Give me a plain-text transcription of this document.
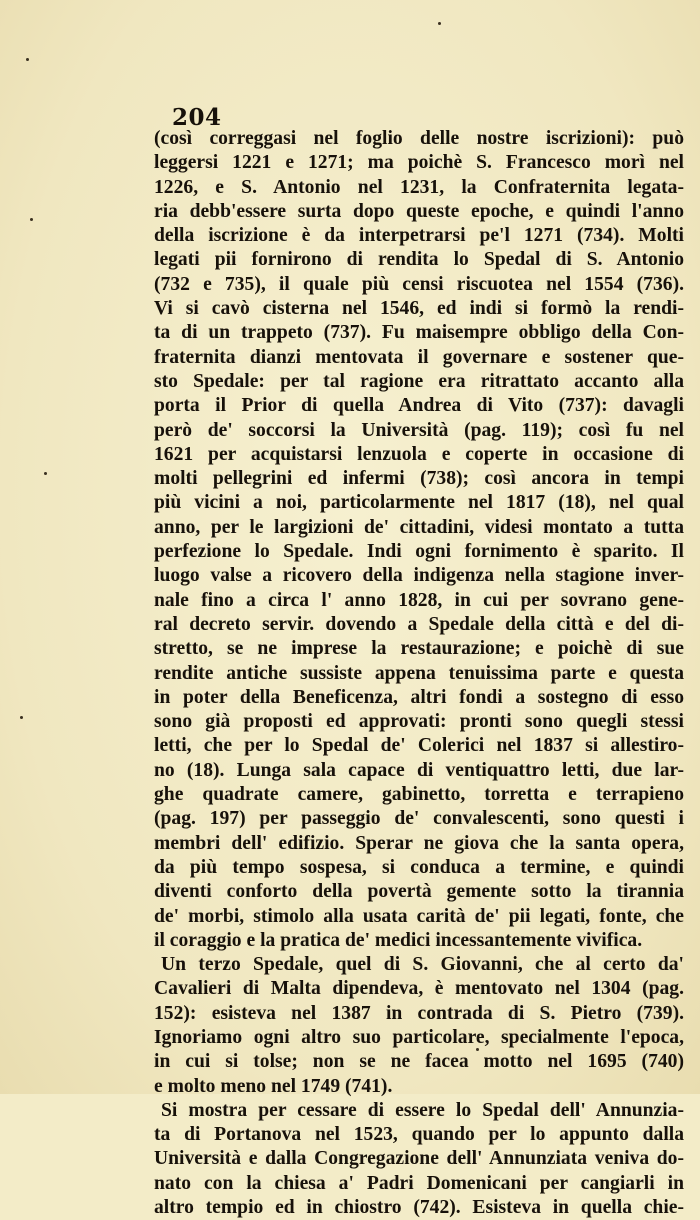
204
(così correggasi nel foglio delle nostre iscrizioni): può
leggersi 1221 e 1271; ma poichè S. Francesco morì nel
1226, e S. Antonio nel 1231, la Confraternita legata-
ria debb'essere surta dopo queste epoche, e quindi l'anno
della iscrizione è da interpetrarsi pe'l 1271 (734). Molti
legati pii fornirono di rendita lo Spedal di S. Antonio
(732 e 735), il quale più censi riscuotea nel 1554 (736).
Vi si cavò cisterna nel 1546, ed indi si formò la rendi-
ta di un trappeto (737). Fu maisempre obbligo della Con-
fraternita dianzi mentovata il governare e sostener que-
sto Spedale: per tal ragione era ritrattato accanto alla
porta il Prior di quella Andrea di Vito (737): davagli
però de' soccorsi la Università (pag. 119); così fu nel
1621 per acquistarsi lenzuola e coperte in occasione di
molti pellegrini ed infermi (738); così ancora in tempi
più vicini a noi, particolarmente nel 1817 (18), nel qual
anno, per le largizioni de' cittadini, videsi montato a tutta
perfezione lo Spedale. Indi ogni fornimento è sparito. Il
luogo valse a ricovero della indigenza nella stagione inver-
nale fino a circa l' anno 1828, in cui per sovrano gene-
ral decreto servir. dovendo a Spedale della città e del di-
stretto, se ne imprese la restaurazione; e poichè di sue
rendite antiche sussiste appena tenuissima parte e questa
in poter della Beneficenza, altri fondi a sostegno di esso
sono già proposti ed approvati: pronti sono quegli stessi
letti, che per lo Spedal de' Colerici nel 1837 si allestiro-
no (18). Lunga sala capace di ventiquattro letti, due lar-
ghe quadrate camere, gabinetto, torretta e terrapieno
(pag. 197) per passeggio de' convalescenti, sono questi i
membri dell' edifizio. Sperar ne giova che la santa opera,
da più tempo sospesa, si conduca a termine, e quindi
diventi conforto della povertà gemente sotto la tirannia
de' morbi, stimolo alla usata carità de' pii legati, fonte, che
il coraggio e la pratica de' medici incessantemente vivifica.
Un terzo Spedale, quel di S. Giovanni, che al certo da'
Cavalieri di Malta dipendeva, è mentovato nel 1304 (pag.
152): esisteva nel 1387 in contrada di S. Pietro (739).
Ignoriamo ogni altro suo particolare, specialmente l'epoca,
in cui si tolse; non se ne facea motto nel 1695 (740)
e molto meno nel 1749 (741).
Si mostra per cessare di essere lo Spedal dell' Annunzia-
ta di Portanova nel 1523, quando per lo appunto dalla
Università e dalla Congregazione dell' Annunziata veniva do-
nato con la chiesa a' Padri Domenicani per cangiarli in
altro tempio ed in chiostro (742). Esisteva in quella chie-
